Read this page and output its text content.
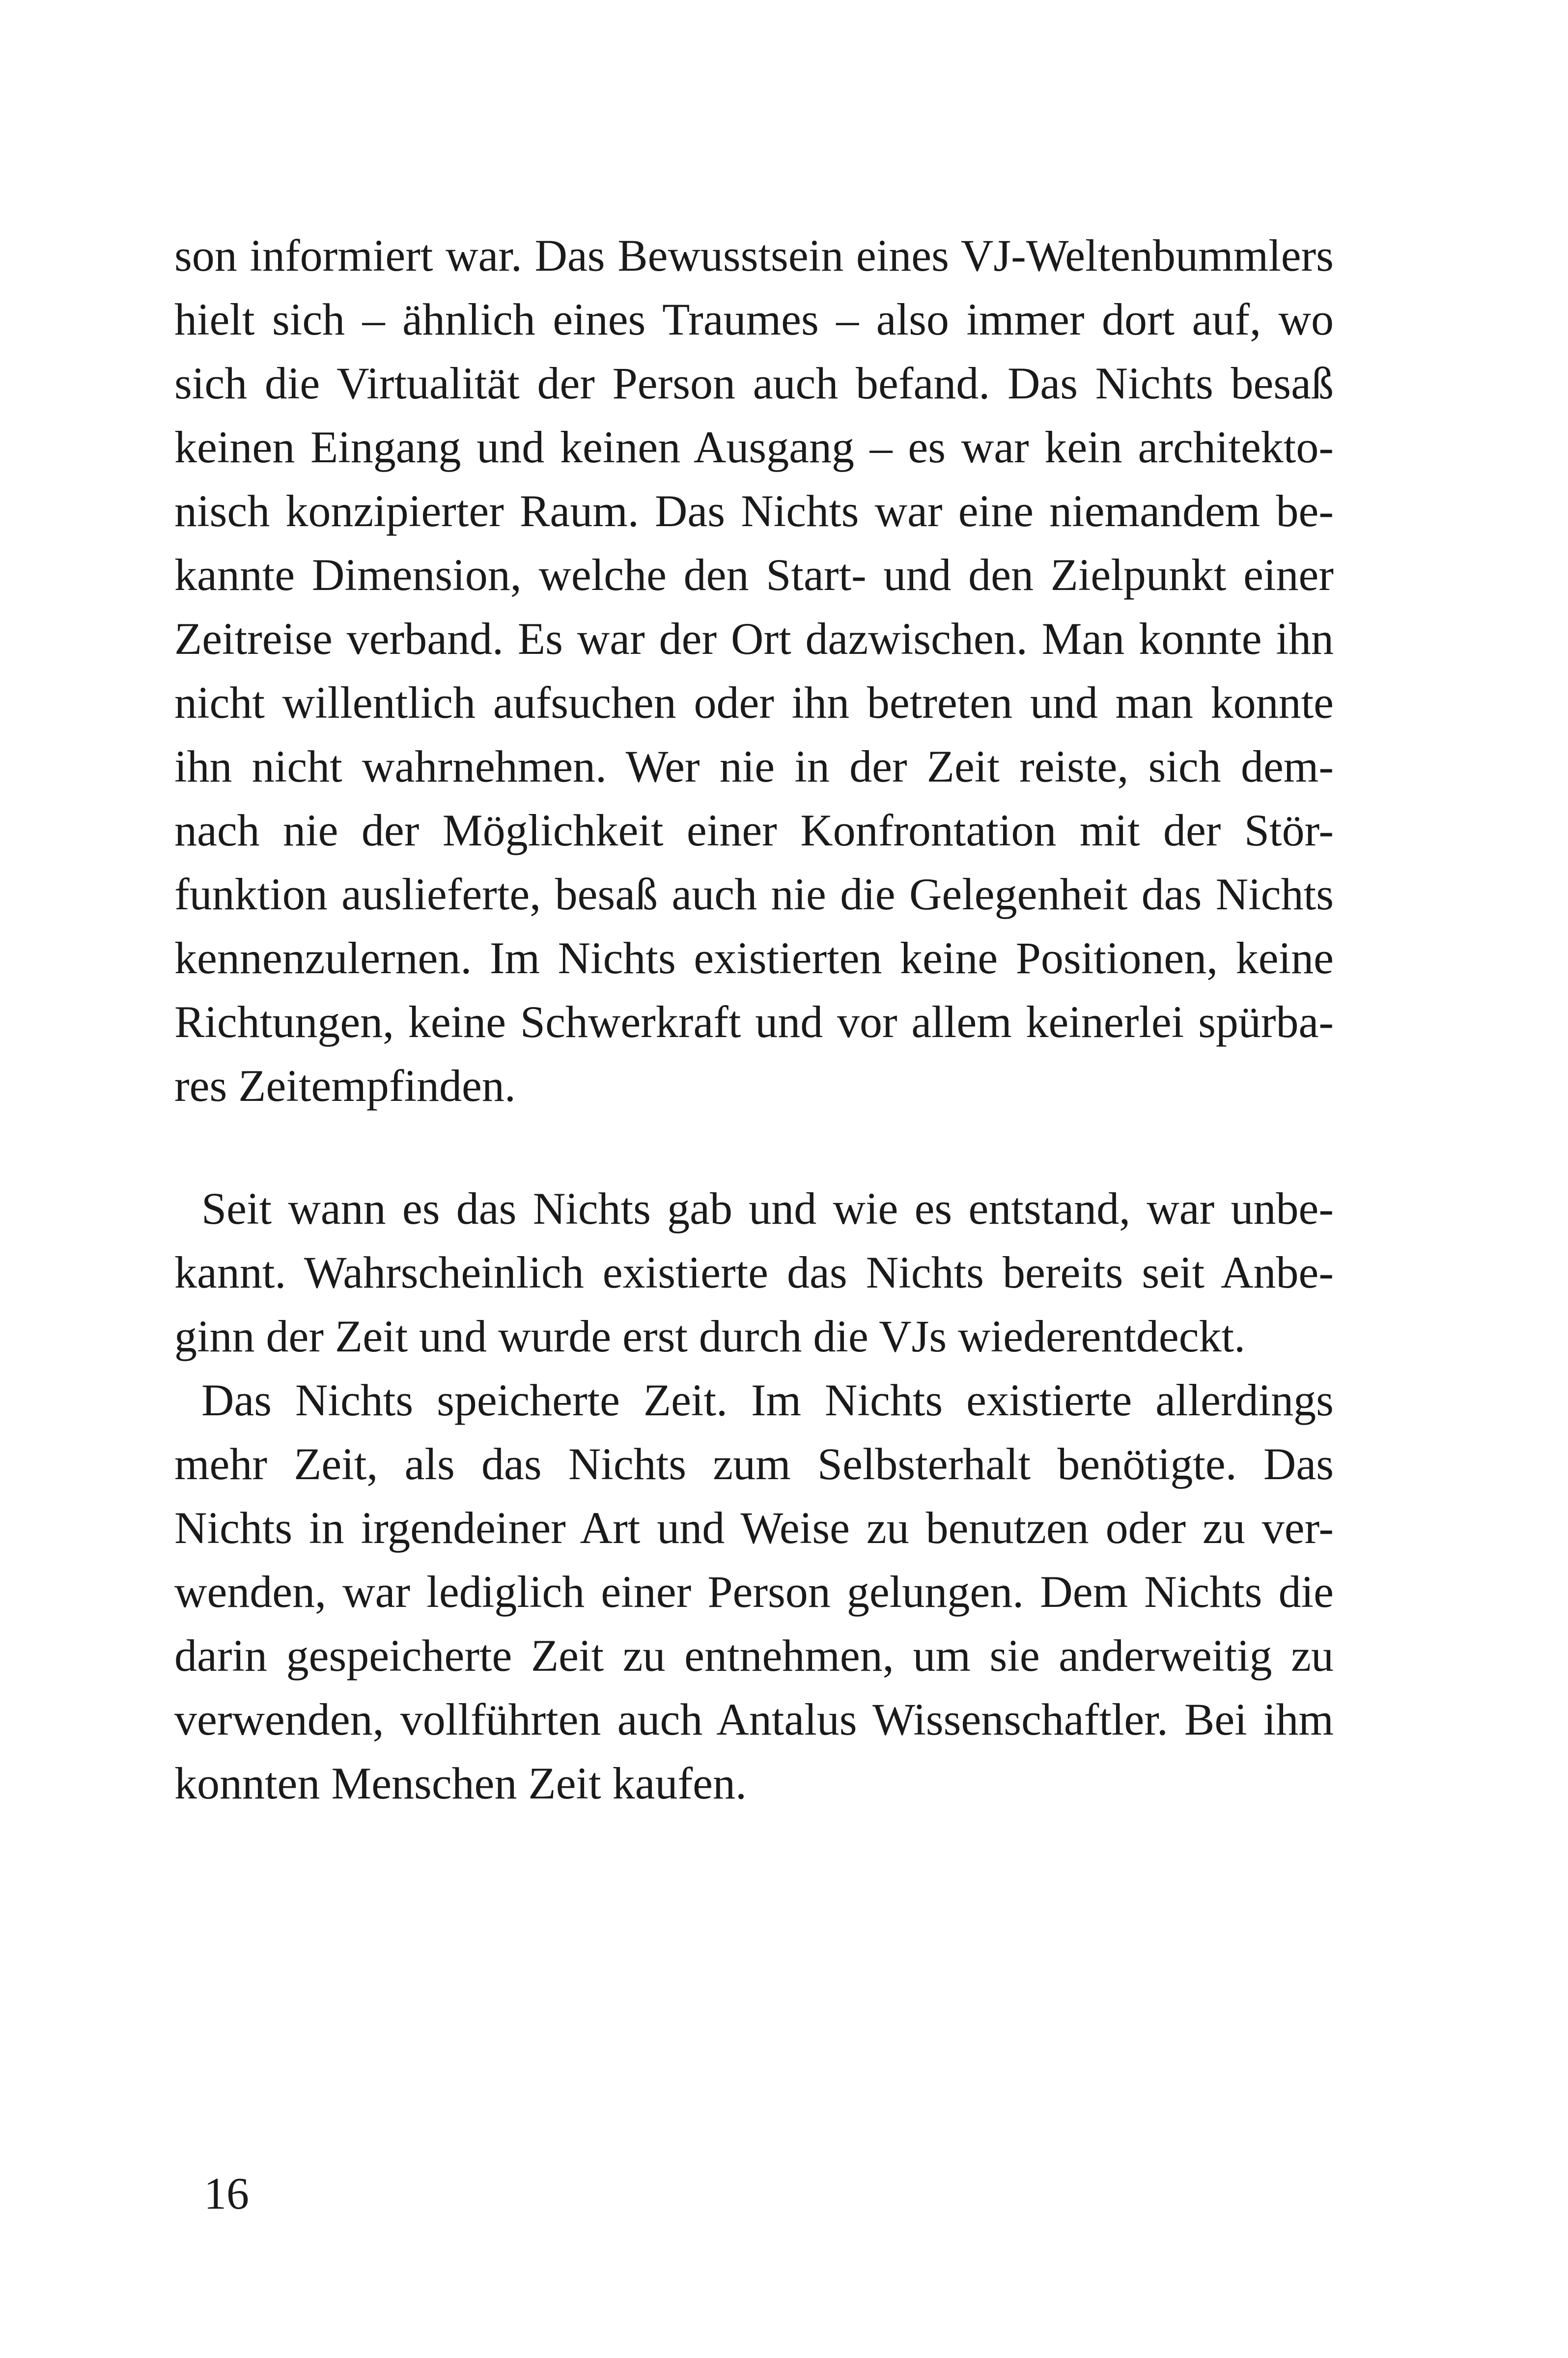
son informiert war. Das Bewusstsein eines VJ-Weltenbummlers
hielt sich – ähnlich eines Traumes – also immer dort auf, wo
sich die Virtualität der Person auch befand. Das Nichts besaß
keinen Eingang und keinen Ausgang – es war kein architekto-
nisch konzipierter Raum. Das Nichts war eine niemandem be-
kannte Dimension, welche den Start- und den Zielpunkt einer
Zeitreise verband. Es war der Ort dazwischen. Man konnte ihn
nicht willentlich aufsuchen oder ihn betreten und man konnte
ihn nicht wahrnehmen. Wer nie in der Zeit reiste, sich dem-
nach nie der Möglichkeit einer Konfrontation mit der Stör-
funktion auslieferte, besaß auch nie die Gelegenheit das Nichts
kennenzulernen. Im Nichts existierten keine Positionen, keine
Richtungen, keine Schwerkraft und vor allem keinerlei spürba-
res Zeitempfinden.
Seit wann es das Nichts gab und wie es entstand, war unbe-
kannt. Wahrscheinlich existierte das Nichts bereits seit Anbe-
ginn der Zeit und wurde erst durch die VJs wiederentdeckt.
Das Nichts speicherte Zeit. Im Nichts existierte allerdings
mehr Zeit, als das Nichts zum Selbsterhalt benötigte. Das
Nichts in irgendeiner Art und Weise zu benutzen oder zu ver-
wenden, war lediglich einer Person gelungen. Dem Nichts die
darin gespeicherte Zeit zu entnehmen, um sie anderweitig zu
verwenden, vollführten auch Antalus Wissenschaftler. Bei ihm
konnten Menschen Zeit kaufen.
16
